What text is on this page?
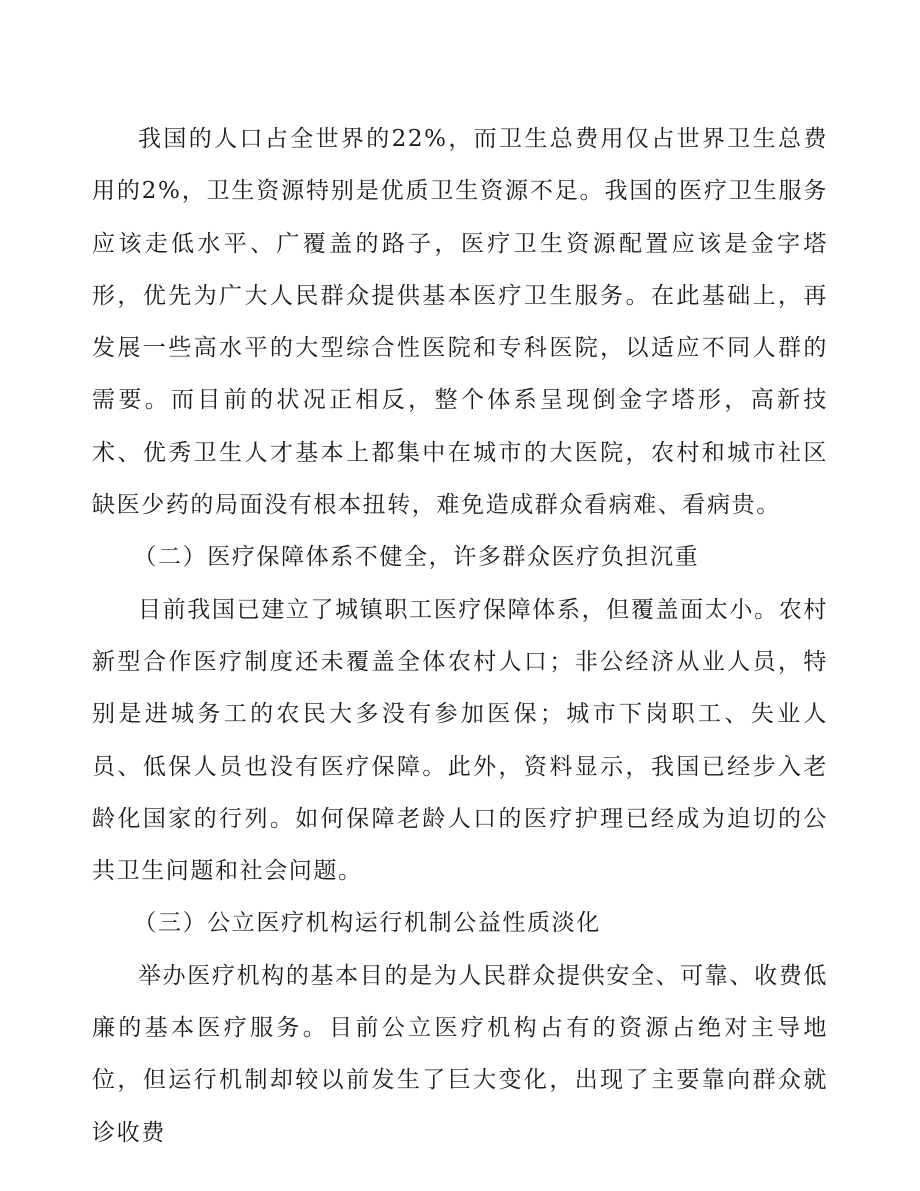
我国的人口占全世界的22%，而卫生总费用仅占世界卫生总费用的2%，卫生资源特别是优质卫生资源不足。我国的医疗卫生服务应该走低水平、广覆盖的路子，医疗卫生资源配置应该是金字塔形，优先为广大人民群众提供基本医疗卫生服务。在此基础上，再发展一些高水平的大型综合性医院和专科医院，以适应不同人群的需要。而目前的状况正相反，整个体系呈现倒金字塔形，高新技术、优秀卫生人才基本上都集中在城市的大医院，农村和城市社区缺医少药的局面没有根本扭转，难免造成群众看病难、看病贵。

（二）医疗保障体系不健全，许多群众医疗负担沉重

目前我国已建立了城镇职工医疗保障体系，但覆盖面太小。农村新型合作医疗制度还未覆盖全体农村人口；非公经济从业人员，特别是进城务工的农民大多没有参加医保；城市下岗职工、失业人员、低保人员也没有医疗保障。此外，资料显示，我国已经步入老龄化国家的行列。如何保障老龄人口的医疗护理已经成为迫切的公共卫生问题和社会问题。

（三）公立医疗机构运行机制公益性质淡化

举办医疗机构的基本目的是为人民群众提供安全、可靠、收费低廉的基本医疗服务。目前公立医疗机构占有的资源占绝对主导地位，但运行机制却较以前发生了巨大变化，出现了主要靠向群众就诊收费
